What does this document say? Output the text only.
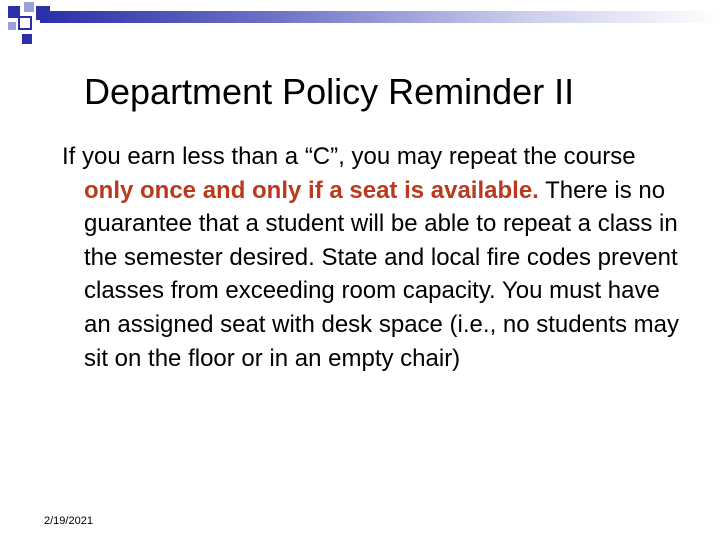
Department Policy Reminder II
If you earn less than a “C”, you may repeat the course only once and only if a seat is available. There is no guarantee that a student will be able to repeat a class in the semester desired. State and local fire codes prevent classes from exceeding room capacity. You must have an assigned seat with desk space (i.e., no students may sit on the floor or in an empty chair)
2/19/2021
